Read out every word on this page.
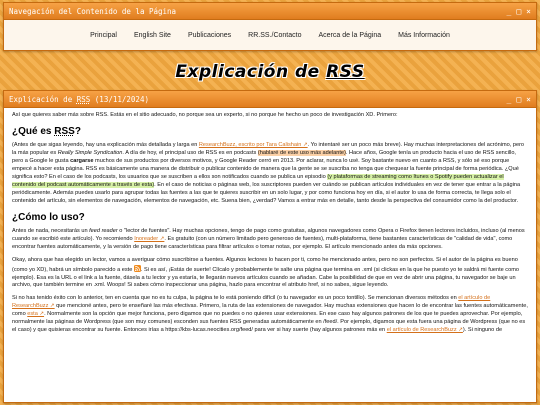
Navegación del Contenido de la Página	_ □ ×
Principal English Site Publicaciones RR.SS./Contacto Acerca de la Página Más Información
Explicación de RSS
Explicación de RSS (13/11/2024)	_ □ ×

Así que quieres saber más sobre RSS. Estás en el sitio adecuado, no porque sea un experto, si no porque he hecho un poco de investigación XD. Primero:

¿Qué es RSS?

(Antes de que sigas leyendo, hay una explicación más detallada y larga en ResearchBuzz, escrito por Tara Calishain ↗. Yo intentaré ser un poco más breve). Hay muchas interpretaciones del acrónimo, pero la más popular es Really Simple Syndication. A día de hoy, el principal uso de RSS es en podcasts (hablaré de este uso más adelante). Hace años, Google tenía un producto hacia el uso de RSS sencillo, pero a Google le gusta cargarse muchos de sus productos por diversos motivos, y Google Reader cerró en 2013. Por aclarar, nunca lo usé. Soy bastante nuevo en cuanto a RSS, y sólo sé eso porque empecé a hacer esta página. RSS es básicamente una manera de distribuir o publicar contenido de manera que la gente se se suscriba no tenga que chequear la fuente principal de forma periódica. ¿Qué significa esto? En el caso de los podcasts, los usuarios que se suscriben a ellos son notificados cuando se publica un episodio (y plataformas de streaming como Itunes o Spotify pueden actualizar el contenido del podcast automáticamente a través de esta). En el caso de noticias o páginas web, los suscriptores pueden ver cuándo se publican artículos individuales en vez de tener que entrar a la página periódicamente. Además puedes usarlo para agrupar todas las fuentes a las que te quieres suscribir en un solo lugar, y por como funciona hoy en día, si el autor lo usa de forma correcta, te llega solo el contenido del artículo, sin elementos de navegación, elementos de navegación, etc. Suena bien, ¿verdad? Vamos a entrar más en detalle, tanto desde la perspectiva del consumidor como la del productor.

¿Cómo lo uso?

Antes de nada, necesitarás un feed reader o "lector de fuentes". Hay muchas opciones, tengo de pago como gratuitas, algunos navegadores como Opera o Firefox tienen lectores incluidos, incluso (al menos cuando se escribió este artículo). Yo recomiendo Inoreader ↗. Es gratuito (con un número limitado pero generoso de fuentes), multi-plataforma, tiene bastantes características de "calidad de vida", como encontrar fuentes automáticamente, y la versión de pago tiene características para filtrar artículos o tomar notas, por ejemplo. El artículo mencionado antes da más opciones.

Okay, ahora que has elegido un lector, vamos a averiguar cómo suscribirse a fuentes. Algunos lectores lo hacen por ti, como he mencionado antes, pero no son perfectos. Si el autor de la página es bueno (como yo XD), habrá un símbolo parecido a este
. Si es así, ¡Estás de suerte! Clícalo y probablemente te salte una página que termina en .xml (si clickas en la que he puesto yo te saldrá mi fuente como ejemplo). Esa es la URL o el link a la fuente, dásela a tu lector y ya estaría, te llegarán nuevos artículos cuando se añadan. Cabe la posibilidad de que en vez de abrir una página, tu navegador se baje un archivo, que también termine en .xml. Woops! Si sabes cómo inspeccionar una página, hazlo para encontrar el atributo href, si no sabes, sigue leyendo.

Si no has tenido éxito con lo anterior, ten en cuenta que no es tu culpa, la página te lo está poniendo difícil (o tu navegador es un poco tontillo). Se mencionan diversos métodos en el artículo de ResearchBuzz ↗ que mencioné antes, pero te enseñaré las más efectivas. Primero, la ruta de las extensiones de navegador. Hay muchas extensiones que hacen lo de encontrar las fuentes automáticamente, como esta ↗. Normalmente son la opción que mejor funciona, pero digamos que no puedes o no quieres usar extensiones. En ese caso hay algunos patrones de los que te puedes aprovechar. Por ejemplo, normalmente las páginas de Wordpress (que son muy comunes) esconden sus fuentes RSS generadas automáticamente en /feed/. Por ejemplo, digamos que esta fuera una página de Wordpress (que no es el caso) y que quisieras encontrar su fuente. Entonces irías a https://kbs-lucas.neocities.org/feed/ para ver si hay suerte (hay algunos patrones más en el artículo de ResearchBuzz ↗). Si ninguno de
